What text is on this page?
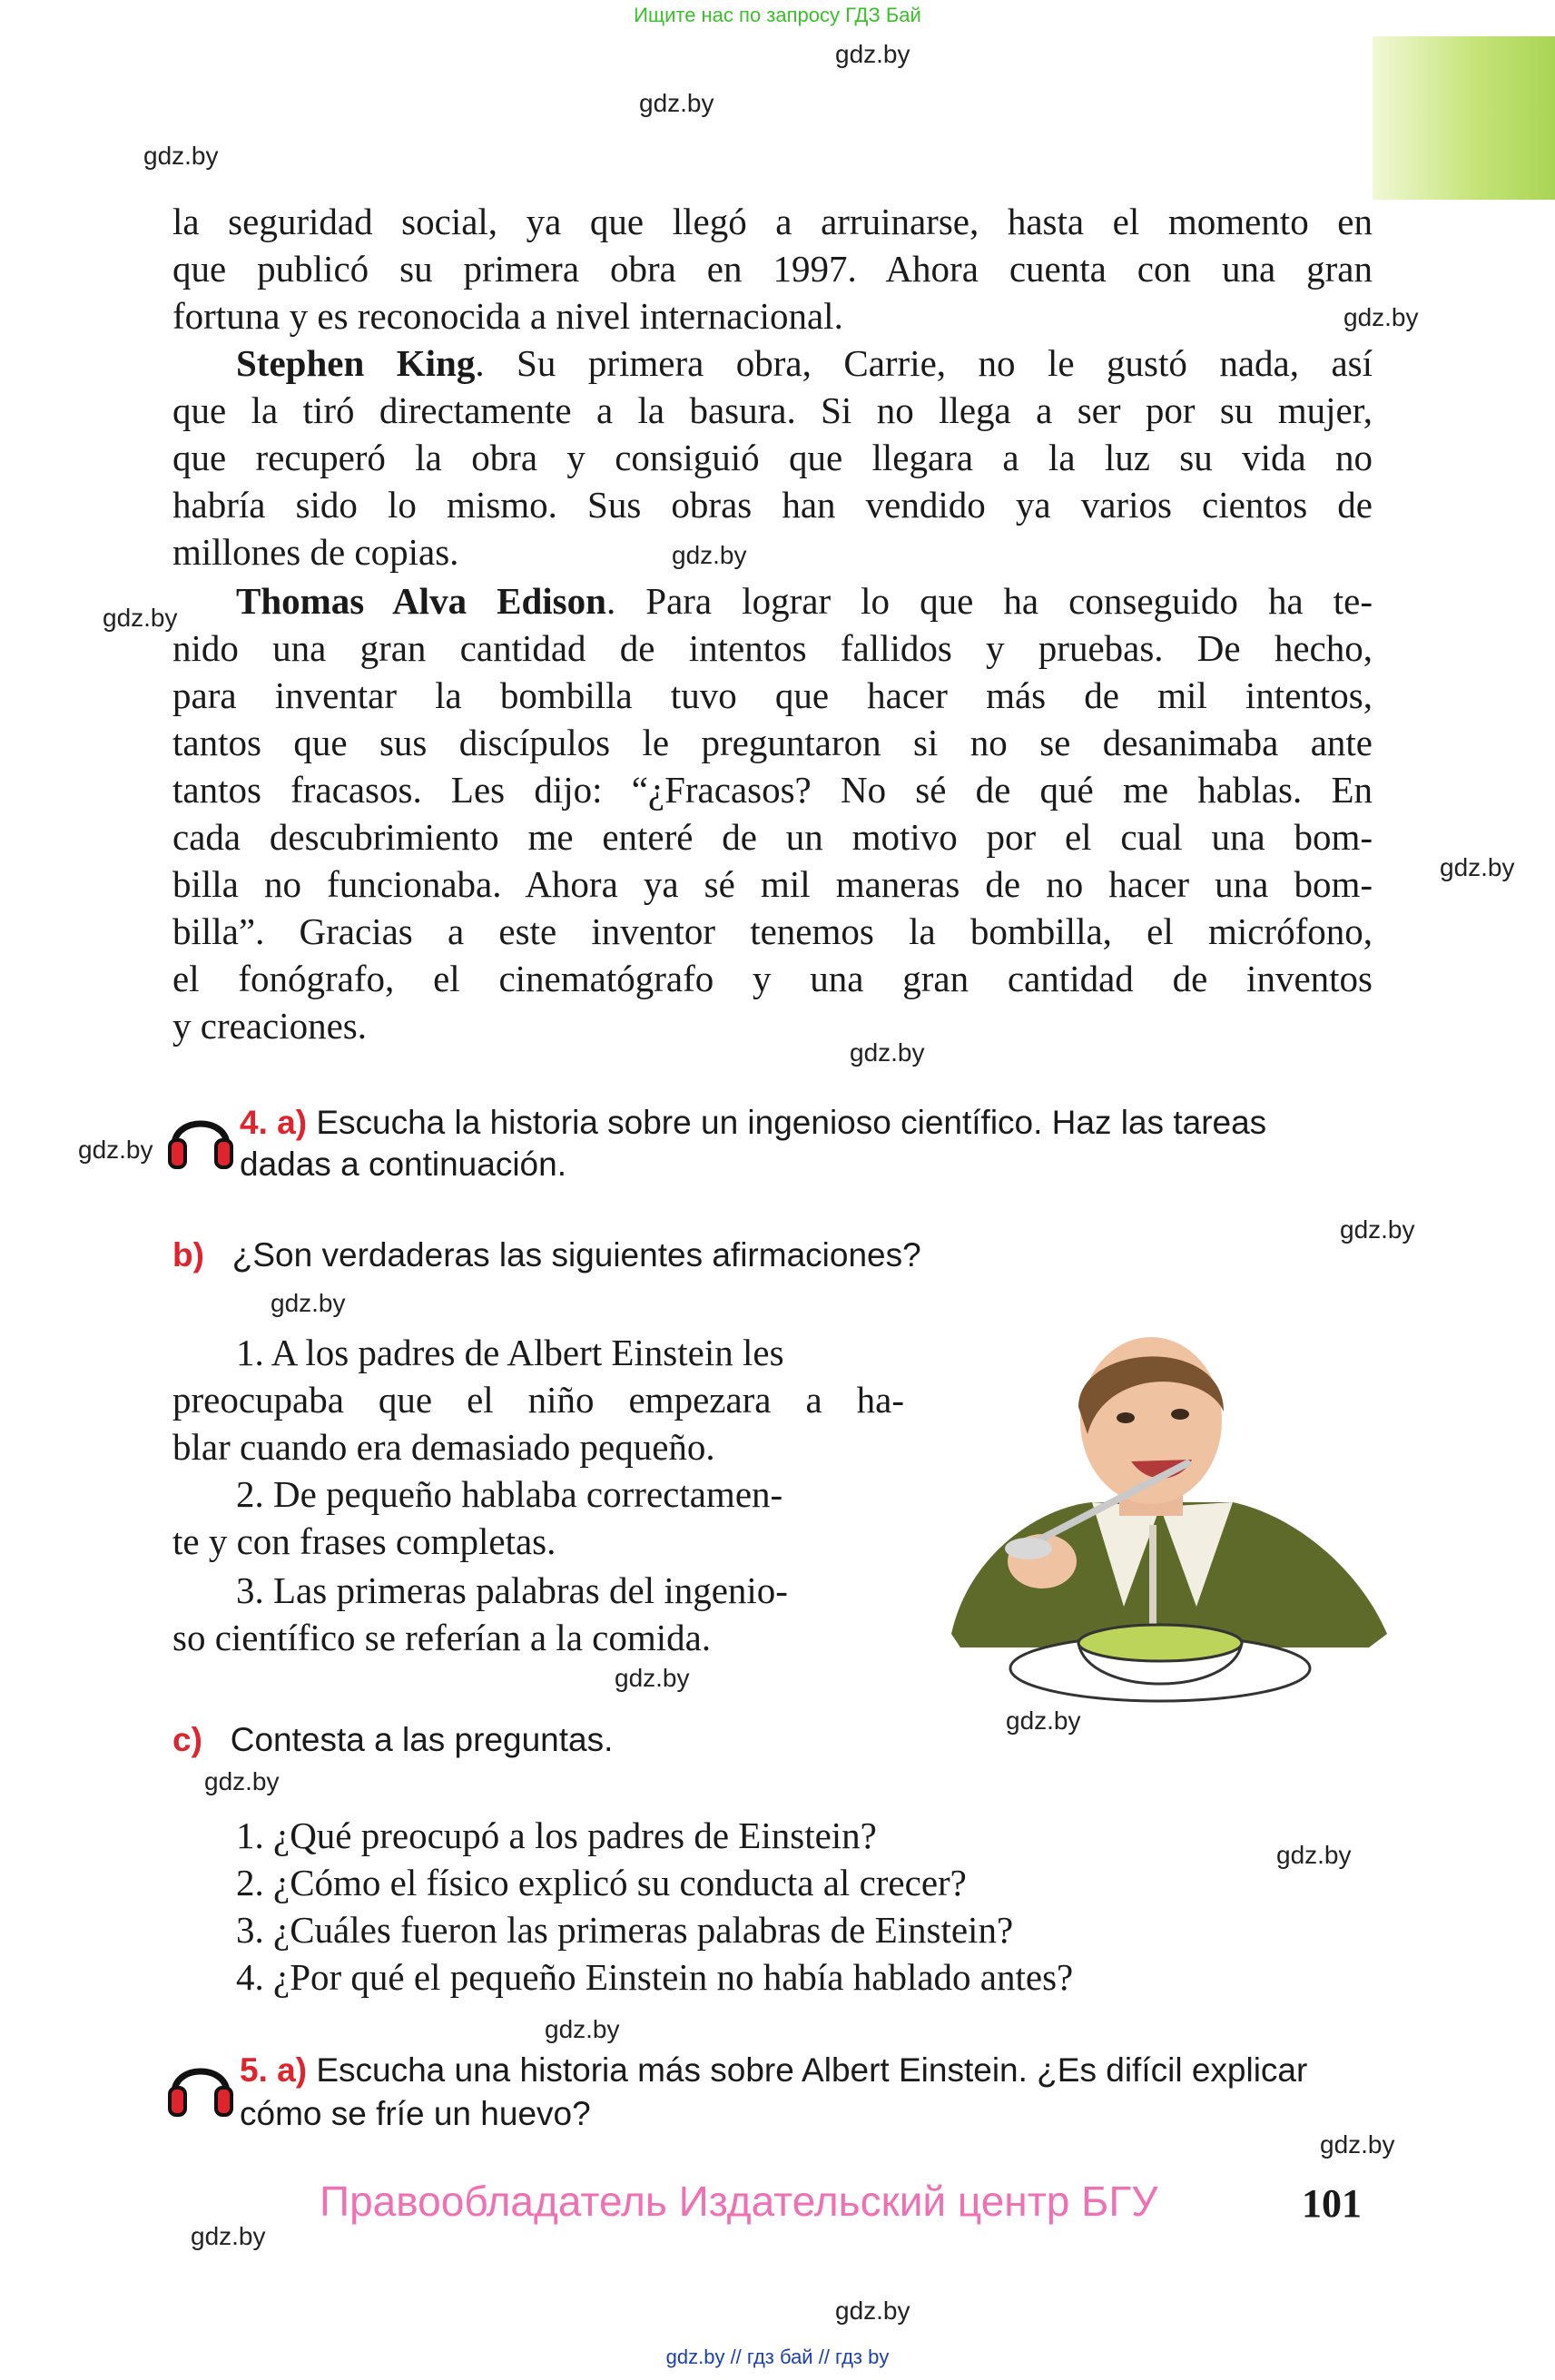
Ищите нас по запросу ГДЗ Бай
gdz.by
gdz.by
gdz.by
gdz.by
gdz.by
gdz.by
gdz.by
gdz.by
gdz.by
gdz.by
gdz.by
gdz.by
gdz.by
gdz.by
gdz.by
gdz.by
gdz.by
gdz.by
gdz.by
la seguridad social, ya que llegó a arruinarse, hasta el momento en
que publicó su primera obra en 1997. Ahora cuenta con una gran
fortuna y es reconocida a nivel internacional.
Stephen King. Su primera obra, Carrie, no le gustó nada, así
que la tiró directamente a la basura. Si no llega a ser por su mujer,
que recuperó la obra y consiguió que llegara a la luz su vida no
habría sido lo mismo. Sus obras han vendido ya varios cientos de
millones de copias.
Thomas Alva Edison. Para lograr lo que ha conseguido ha te-
nido una gran cantidad de intentos fallidos y pruebas. De hecho,
para inventar la bombilla tuvo que hacer más de mil intentos,
tantos que sus discípulos le preguntaron si no se desanimaba ante
tantos fracasos. Les dijo: “¿Fracasos? No sé de qué me hablas. En
cada descubrimiento me enteré de un motivo por el cual una bom-
billa no funcionaba. Ahora ya sé mil maneras de no hacer una bom-
billa”. Gracias a este inventor tenemos la bombilla, el micrófono,
el fonógrafo, el cinematógrafo y una gran cantidad de inventos
y creaciones.
4. a) Escucha la historia sobre un ingenioso científico. Haz las tareas
dadas a continuación.
b) ¿Son verdaderas las siguientes afirmaciones?
1. A los padres de Albert Einstein les
preocupaba que el niño empezara a ha-
blar cuando era demasiado pequeño.
2. De pequeño hablaba correctamen-
te y con frases completas.
3. Las primeras palabras del ingenio-
so científico se referían a la comida.
c) Contesta a las preguntas.
1. ¿Qué preocupó a los padres de Einstein?
2. ¿Cómo el físico explicó su conducta al crecer?
3. ¿Cuáles fueron las primeras palabras de Einstein?
4. ¿Por qué el pequeño Einstein no había hablado antes?
5. a) Escucha una historia más sobre Albert Einstein. ¿Es difícil explicar
cómo se fríe un huevo?
Правообладатель Издательский центр БГУ	101
gdz.by // гдз бай // гдз by
